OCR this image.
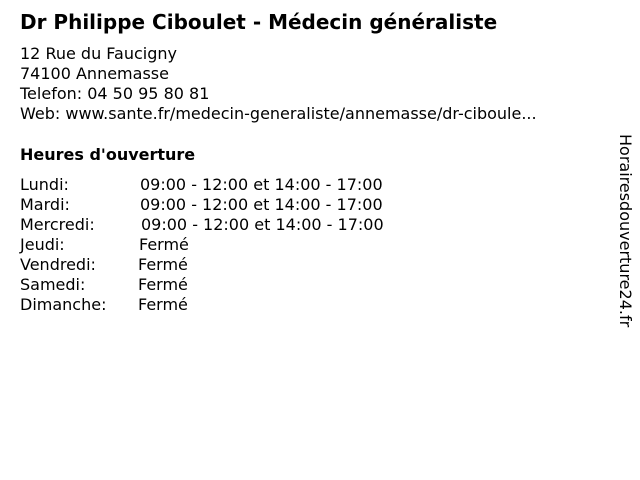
Dr Philippe Ciboulet - Médecin généraliste
12 Rue du Faucigny
74100 Annemasse
Telefon: 04 50 95 80 81
Web: www.sante.fr/medecin-generaliste/annemasse/dr-ciboule...
Heures d'ouverture
Lundi:	09:00 - 12:00 et 14:00 - 17:00
Mardi:	09:00 - 12:00 et 14:00 - 17:00
Mercredi:	09:00 - 12:00 et 14:00 - 17:00
Jeudi:	Fermé
Vendredi:	Fermé
Samedi:	Fermé
Dimanche: Fermé	Horairesdouverture24.fr
